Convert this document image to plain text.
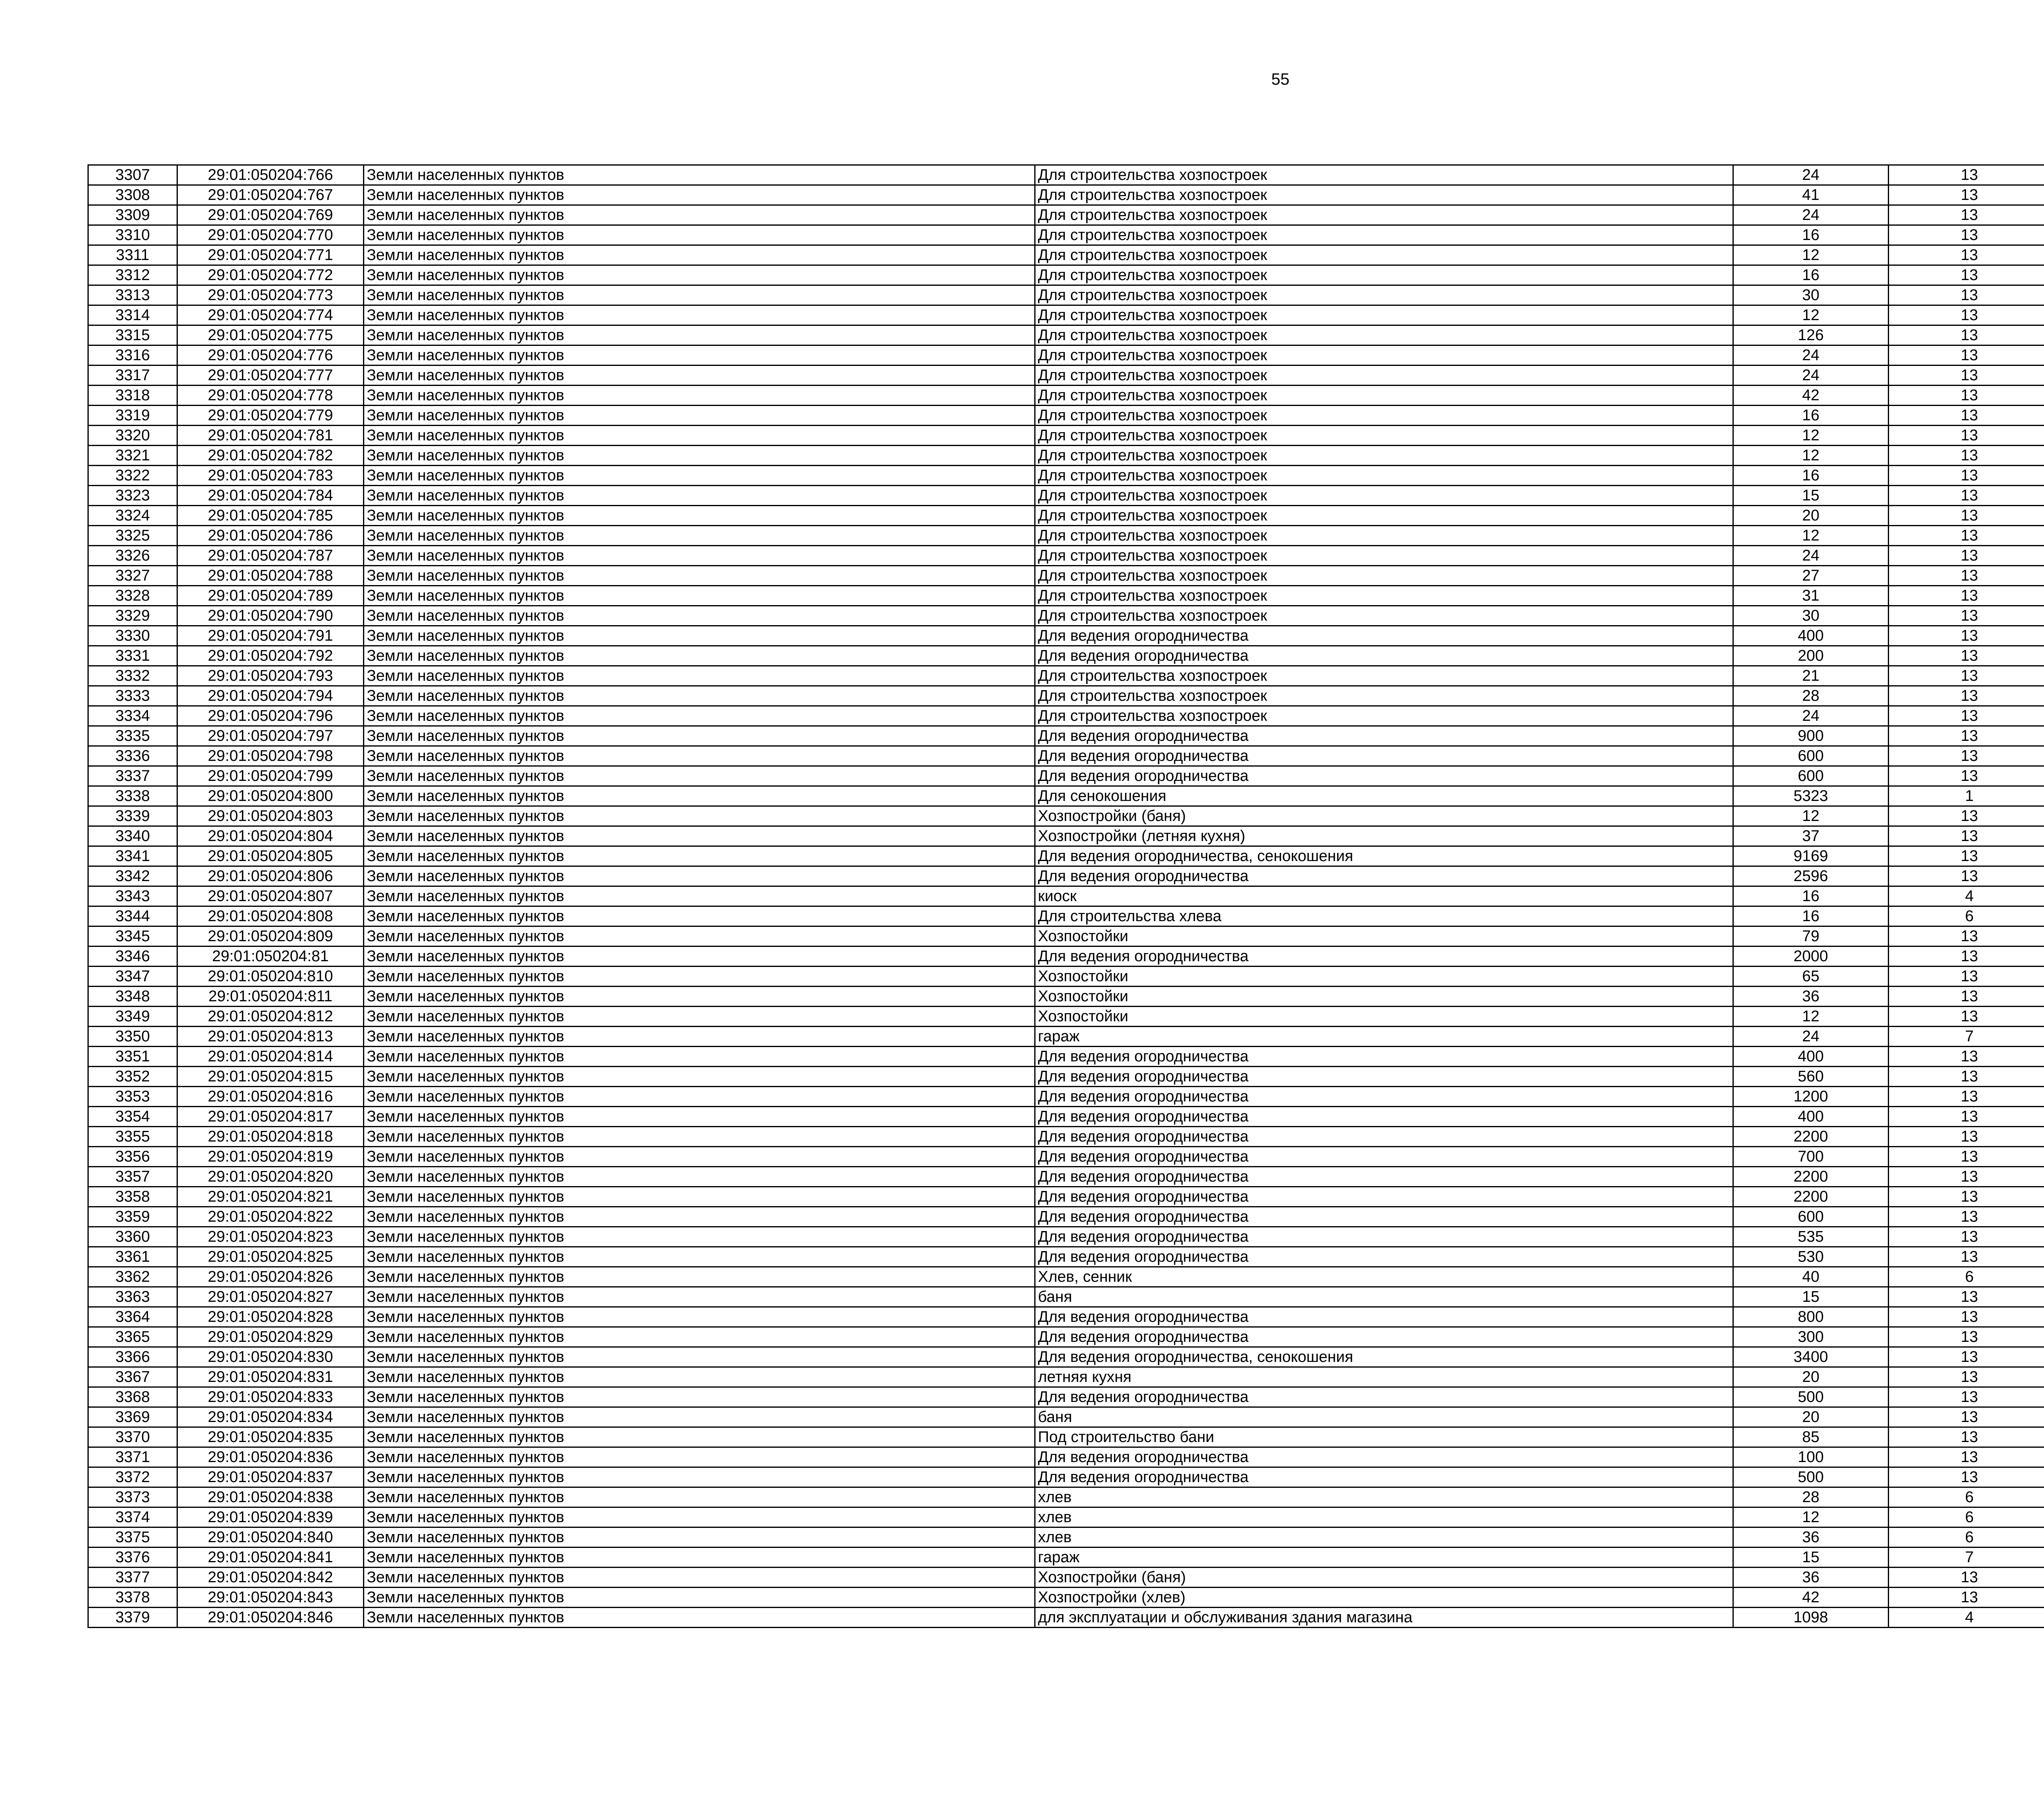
55
3307	29:01:050204:766	Земли населенных пунктов	Для строительства хозпострoек	24	13		
3308	29:01:050204:767	Земли населенных пунктов	Для строительства хозпострoек	41	13		
3309	29:01:050204:769	Земли населенных пунктов	Для строительства хозпострoек	24	13		
3310	29:01:050204:770	Земли населенных пунктов	Для строительства хозпострoек	16	13		
3311	29:01:050204:771	Земли населенных пунктов	Для строительства хозпострoек	12	13		
3312	29:01:050204:772	Земли населенных пунктов	Для строительства хозпострoек	16	13		
3313	29:01:050204:773	Земли населенных пунктов	Для строительства хозпострoек	30	13		
3314	29:01:050204:774	Земли населенных пунктов	Для строительства хозпострoек	12	13		
3315	29:01:050204:775	Земли населенных пунктов	Для строительства хозпострoек	126	13		
3316	29:01:050204:776	Земли населенных пунктов	Для строительства хозпострoек	24	13		
3317	29:01:050204:777	Земли населенных пунктов	Для строительства хозпострoек	24	13		
3318	29:01:050204:778	Земли населенных пунктов	Для строительства хозпострoек	42	13		
3319	29:01:050204:779	Земли населенных пунктов	Для строительства хозпострoек	16	13		
3320	29:01:050204:781	Земли населенных пунктов	Для строительства хозпострoек	12	13		
3321	29:01:050204:782	Земли населенных пунктов	Для строительства хозпострoек	12	13		
3322	29:01:050204:783	Земли населенных пунктов	Для строительства хозпострoек	16	13		
3323	29:01:050204:784	Земли населенных пунктов	Для строительства хозпострoек	15	13		
3324	29:01:050204:785	Земли населенных пунктов	Для строительства хозпострoек	20	13		
3325	29:01:050204:786	Земли населенных пунктов	Для строительства хозпострoек	12	13		
3326	29:01:050204:787	Земли населенных пунктов	Для строительства хозпострoек	24	13		
3327	29:01:050204:788	Земли населенных пунктов	Для строительства хозпострoек	27	13		
3328	29:01:050204:789	Земли населенных пунктов	Для строительства хозпострoек	31	13		
3329	29:01:050204:790	Земли населенных пунктов	Для строительства хозпострoек	30	13		
3330	29:01:050204:791	Земли населенных пунктов	Для ведения огородничества	400	13		
3331	29:01:050204:792	Земли населенных пунктов	Для ведения огородничества	200	13		
3332	29:01:050204:793	Земли населенных пунктов	Для строительства хозпострoек	21	13		
3333	29:01:050204:794	Земли населенных пунктов	Для строительства хозпострoек	28	13		
3334	29:01:050204:796	Земли населенных пунктов	Для строительства хозпострoек	24	13		
3335	29:01:050204:797	Земли населенных пунктов	Для ведения огородничества	900	13		
3336	29:01:050204:798	Земли населенных пунктов	Для ведения огородничества	600	13		
3337	29:01:050204:799	Земли населенных пунктов	Для ведения огородничества	600	13		
3338	29:01:050204:800	Земли населенных пунктов	Для сенокошения	5323	1		
3339	29:01:050204:803	Земли населенных пунктов	Хозпостройки (баня)	12	13		
3340	29:01:050204:804	Земли населенных пунктов	Хозпостройки (летняя кухня)	37	13		
3341	29:01:050204:805	Земли населенных пунктов	Для ведения огородничества, сенокошения	9169	13		
3342	29:01:050204:806	Земли населенных пунктов	Для ведения огородничества	2596	13		
3343	29:01:050204:807	Земли населенных пунктов	киоск	16	4		
3344	29:01:050204:808	Земли населенных пунктов	Для строительства хлева	16	6		
3345	29:01:050204:809	Земли населенных пунктов	Хозпостойки	79	13		
3346	29:01:050204:81	Земли населенных пунктов	Для ведения огородничества	2000	13		
3347	29:01:050204:810	Земли населенных пунктов	Хозпостойки	65	13		
3348	29:01:050204:811	Земли населенных пунктов	Хозпостойки	36	13		
3349	29:01:050204:812	Земли населенных пунктов	Хозпостойки	12	13		
3350	29:01:050204:813	Земли населенных пунктов	гараж	24	7		
3351	29:01:050204:814	Земли населенных пунктов	Для ведения огородничества	400	13		
3352	29:01:050204:815	Земли населенных пунктов	Для ведения огородничества	560	13		
3353	29:01:050204:816	Земли населенных пунктов	Для ведения огородничества	1200	13		
3354	29:01:050204:817	Земли населенных пунктов	Для ведения огородничества	400	13		
3355	29:01:050204:818	Земли населенных пунктов	Для ведения огородничества	2200	13		
3356	29:01:050204:819	Земли населенных пунктов	Для ведения огородничества	700	13		
3357	29:01:050204:820	Земли населенных пунктов	Для ведения огородничества	2200	13		
3358	29:01:050204:821	Земли населенных пунктов	Для ведения огородничества	2200	13		
3359	29:01:050204:822	Земли населенных пунктов	Для ведения огородничества	600	13		
3360	29:01:050204:823	Земли населенных пунктов	Для ведения огородничества	535	13		
3361	29:01:050204:825	Земли населенных пунктов	Для ведения огородничества	530	13		
3362	29:01:050204:826	Земли населенных пунктов	Хлев, сенник	40	6		
3363	29:01:050204:827	Земли населенных пунктов	баня	15	13		
3364	29:01:050204:828	Земли населенных пунктов	Для ведения огородничества	800	13		
3365	29:01:050204:829	Земли населенных пунктов	Для ведения огородничества	300	13		
3366	29:01:050204:830	Земли населенных пунктов	Для ведения огородничества, сенокошения	3400	13		
3367	29:01:050204:831	Земли населенных пунктов	летняя кухня	20	13		
3368	29:01:050204:833	Земли населенных пунктов	Для ведения огородничества	500	13		
3369	29:01:050204:834	Земли населенных пунктов	баня	20	13		
3370	29:01:050204:835	Земли населенных пунктов	Под строительство бани	85	13		
3371	29:01:050204:836	Земли населенных пунктов	Для ведения огородничества	100	13		
3372	29:01:050204:837	Земли населенных пунктов	Для ведения огородничества	500	13		
3373	29:01:050204:838	Земли населенных пунктов	хлев	28	6		
3374	29:01:050204:839	Земли населенных пунктов	хлев	12	6		
3375	29:01:050204:840	Земли населенных пунктов	хлев	36	6		
3376	29:01:050204:841	Земли населенных пунктов	гараж	15	7		
3377	29:01:050204:842	Земли населенных пунктов	Хозпостройки (баня)	36	13		
3378	29:01:050204:843	Земли населенных пунктов	Хозпостройки (хлев)	42	13		
3379	29:01:050204:846	Земли населенных пунктов	для эксплуатации и обслуживания здания магазина	1098	4		
